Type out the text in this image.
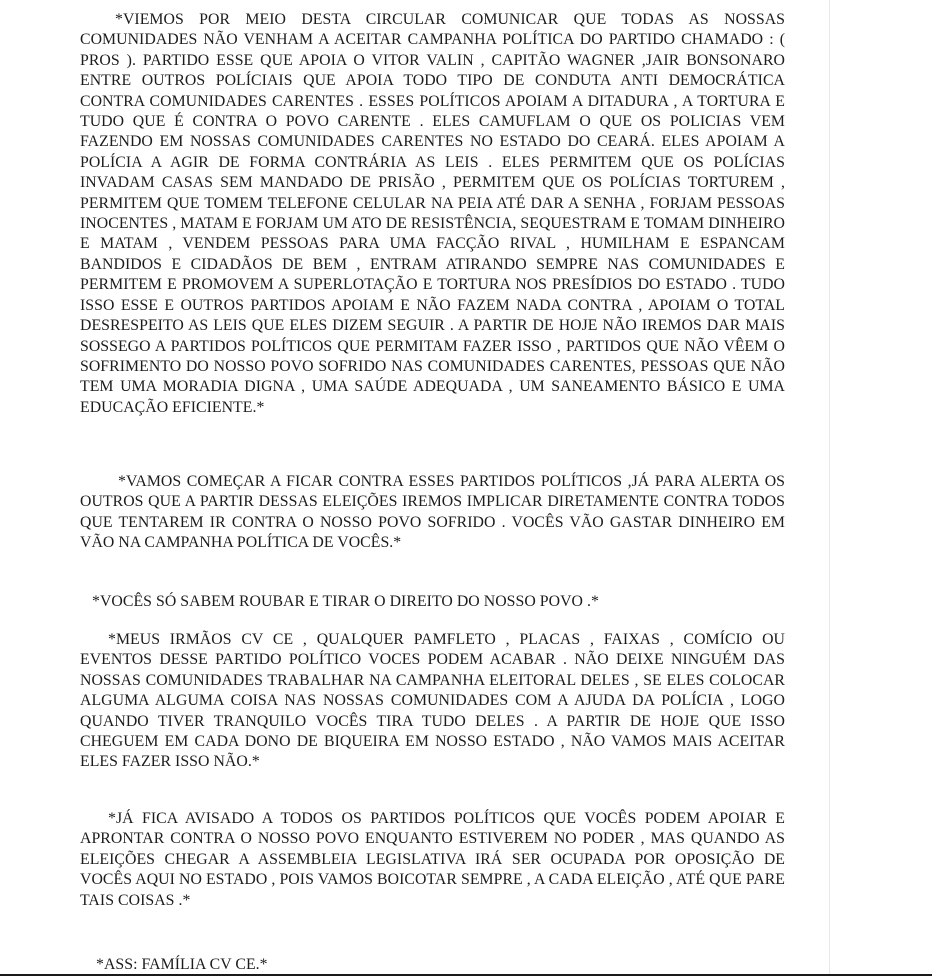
*VIEMOS POR MEIO DESTA CIRCULAR COMUNICAR QUE TODAS AS NOSSAS COMUNIDADES NÃO VENHAM A ACEITAR CAMPANHA POLÍTICA DO PARTIDO CHAMADO : ( PROS ). PARTIDO ESSE QUE APOIA O VITOR VALIN , CAPITÃO WAGNER ,JAIR BONSONARO ENTRE OUTROS POLÍCIAIS QUE APOIA TODO TIPO DE CONDUTA ANTI DEMOCRÁTICA CONTRA COMUNIDADES CARENTES . ESSES POLÍTICOS APOIAM A DITADURA , A TORTURA E TUDO QUE É CONTRA O POVO CARENTE . ELES CAMUFLAM O QUE OS POLICIAS VEM FAZENDO EM NOSSAS COMUNIDADES CARENTES NO ESTADO DO CEARÁ. ELES APOIAM A POLÍCIA A AGIR DE FORMA CONTRÁRIA AS LEIS . ELES PERMITEM QUE OS POLÍCIAS INVADAM CASAS SEM MANDADO DE PRISÃO , PERMITEM QUE OS POLÍCIAS TORTUREM , PERMITEM QUE TOMEM TELEFONE CELULAR NA PEIA ATÉ DAR A SENHA , FORJAM PESSOAS INOCENTES , MATAM E FORJAM UM ATO DE RESISTÊNCIA, SEQUESTRAM E TOMAM DINHEIRO E MATAM , VENDEM PESSOAS PARA UMA FACÇÃO RIVAL , HUMILHAM E ESPANCAM BANDIDOS E CIDADÃOS DE BEM , ENTRAM ATIRANDO SEMPRE NAS COMUNIDADES E PERMITEM E PROMOVEM A SUPERLOTAÇÃO E TORTURA NOS PRESÍDIOS DO ESTADO . TUDO ISSO ESSE E OUTROS PARTIDOS APOIAM E NÃO FAZEM NADA CONTRA , APOIAM O TOTAL DESRESPEITO AS LEIS QUE ELES DIZEM SEGUIR . A PARTIR DE HOJE NÃO IREMOS DAR MAIS SOSSEGO A PARTIDOS POLÍTICOS QUE PERMITAM FAZER ISSO , PARTIDOS QUE NÃO VÊEM O SOFRIMENTO DO NOSSO POVO SOFRIDO NAS COMUNIDADES CARENTES, PESSOAS QUE NÃO TEM UMA MORADIA DIGNA , UMA SAÚDE ADEQUADA , UM SANEAMENTO BÁSICO E UMA EDUCAÇÃO EFICIENTE.*

*VAMOS COMEÇAR A FICAR CONTRA ESSES PARTIDOS POLÍTICOS ,JÁ PARA ALERTA OS OUTROS QUE A PARTIR DESSAS ELEIÇÕES IREMOS IMPLICAR DIRETAMENTE CONTRA TODOS QUE TENTAREM IR CONTRA O NOSSO POVO SOFRIDO . VOCÊS VÃO GASTAR DINHEIRO EM VÃO NA CAMPANHA POLÍTICA DE VOCÊS.*

*VOCÊS SÓ SABEM ROUBAR E TIRAR O DIREITO DO NOSSO POVO .*

*MEUS IRMÃOS CV CE , QUALQUER PAMFLETO , PLACAS , FAIXAS , COMÍCIO OU EVENTOS DESSE PARTIDO POLÍTICO VOCES PODEM ACABAR . NÃO DEIXE NINGUÉM DAS NOSSAS COMUNIDADES TRABALHAR NA CAMPANHA ELEITORAL DELES , SE ELES COLOCAR ALGUMA ALGUMA COISA NAS NOSSAS COMUNIDADES COM A AJUDA DA POLÍCIA , LOGO QUANDO TIVER TRANQUILO VOCÊS TIRA TUDO DELES . A PARTIR DE HOJE QUE ISSO CHEGUEM EM CADA DONO DE BIQUEIRA EM NOSSO ESTADO , NÃO VAMOS MAIS ACEITAR ELES FAZER ISSO NÃO.*

*JÁ FICA AVISADO A TODOS OS PARTIDOS POLÍTICOS QUE VOCÊS PODEM APOIAR E APRONTAR CONTRA O NOSSO POVO ENQUANTO ESTIVEREM NO PODER , MAS QUANDO AS ELEIÇÕES CHEGAR A ASSEMBLEIA LEGISLATIVA IRÁ SER OCUPADA POR OPOSIÇÃO DE VOCÊS AQUI NO ESTADO , POIS VAMOS BOICOTAR SEMPRE , A CADA ELEIÇÃO , ATÉ QUE PARE TAIS COISAS .*

*ASS: FAMÍLIA CV CE.*
